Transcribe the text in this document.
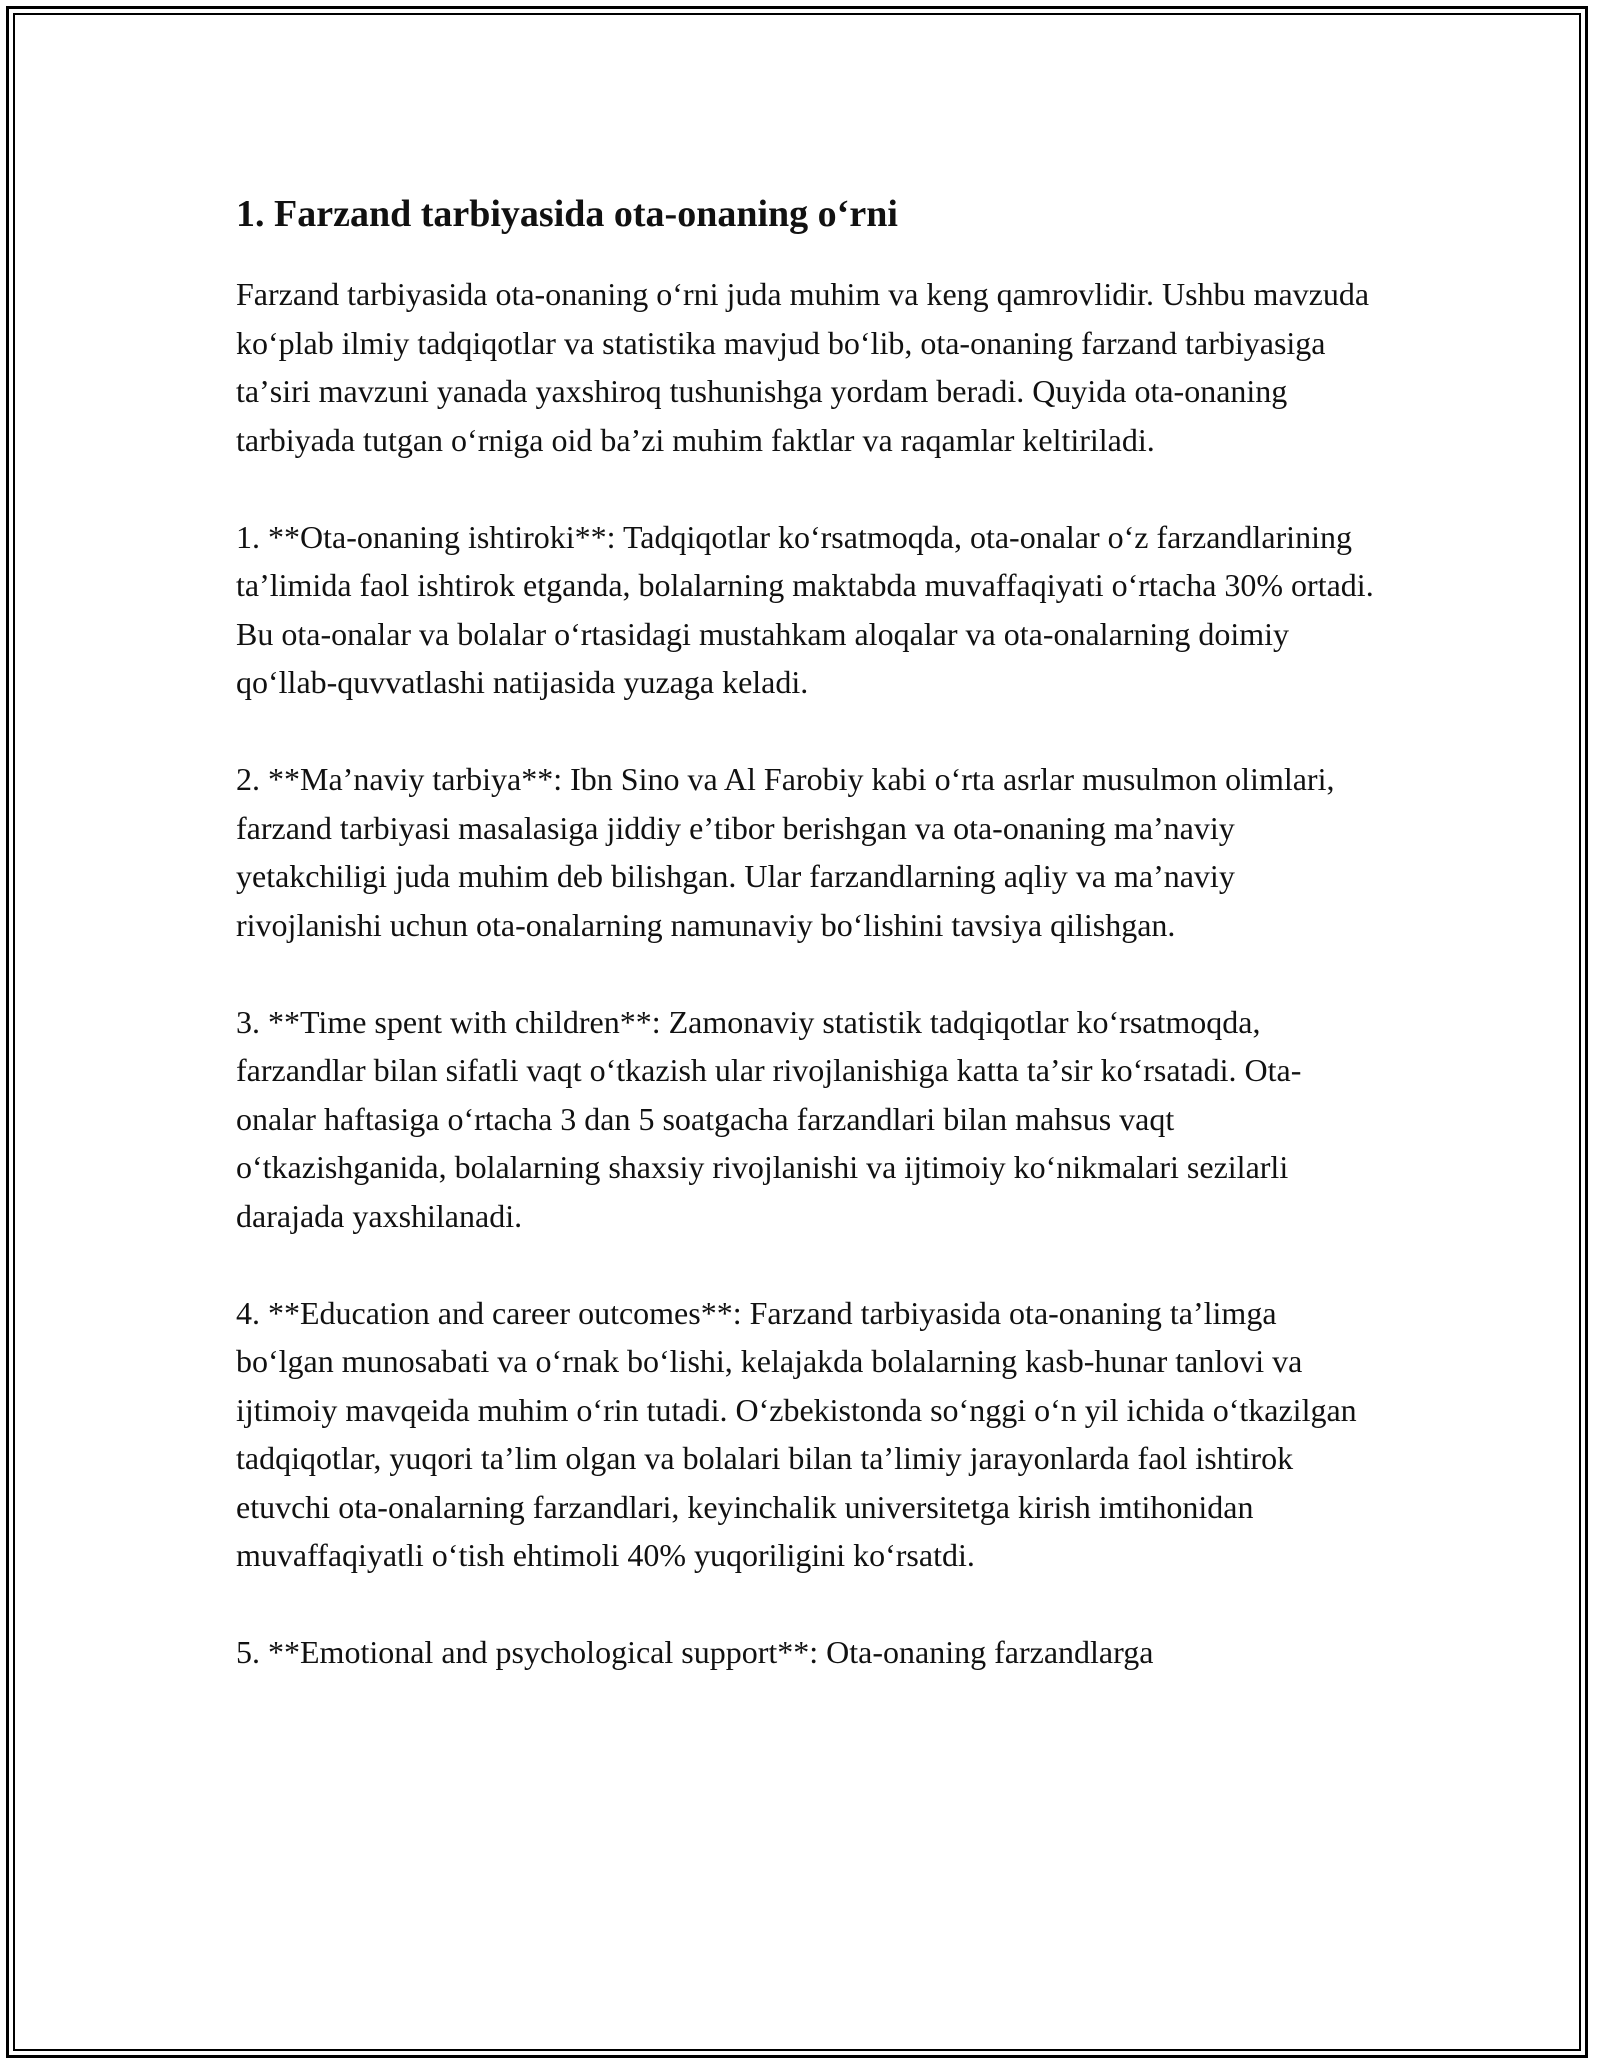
1. Farzand tarbiyasida ota-onaning oʻrni

Farzand tarbiyasida ota-onaning oʻrni juda muhim va keng qamrovlidir. Ushbu mavzuda koʻplab ilmiy tadqiqotlar va statistika mavjud boʻlib, ota-onaning farzand tarbiyasiga taʼsiri mavzuni yanada yaxshiroq tushunishga yordam beradi. Quyida ota-onaning tarbiyada tutgan oʻrniga oid baʼzi muhim faktlar va raqamlar keltiriladi.

1. **Ota-onaning ishtiroki**: Tadqiqotlar koʻrsatmoqda, ota-onalar oʻz farzandlarining taʼlimida faol ishtirok etganda, bolalarning maktabda muvaffaqiyati oʻrtacha 30% ortadi. Bu ota-onalar va bolalar oʻrtasidagi mustahkam aloqalar va ota-onalarning doimiy qoʻllab-quvvatlashi natijasida yuzaga keladi.

2. **Maʼnaviy tarbiya**: Ibn Sino va Al Farobiy kabi oʻrta asrlar musulmon olimlari, farzand tarbiyasi masalasiga jiddiy eʼtibor berishgan va ota-onaning maʼnaviy yetakchiligi juda muhim deb bilishgan. Ular farzandlarning aqliy va maʼnaviy rivojlanishi uchun ota-onalarning namunaviy boʻlishini tavsiya qilishgan.

3. **Time spent with children**: Zamonaviy statistik tadqiqotlar koʻrsatmoqda, farzandlar bilan sifatli vaqt oʻtkazish ular rivojlanishiga katta taʼsir koʻrsatadi. Ota-onalar haftasiga oʻrtacha 3 dan 5 soatgacha farzandlari bilan mahsus vaqt oʻtkazishganida, bolalarning shaxsiy rivojlanishi va ijtimoiy koʻnikmalari sezilarli darajada yaxshilanadi.

4. **Education and career outcomes**: Farzand tarbiyasida ota-onaning taʼlimga boʻlgan munosabati va oʻrnak boʻlishi, kelajakda bolalarning kasb-hunar tanlovi va ijtimoiy mavqeida muhim oʻrin tutadi. Oʻzbekistonda soʻnggi oʻn yil ichida oʻtkazilgan tadqiqotlar, yuqori taʼlim olgan va bolalari bilan taʼlimiy jarayonlarda faol ishtirok etuvchi ota-onalarning farzandlari, keyinchalik universitetga kirish imtihonidan muvaffaqiyatli oʻtish ehtimoli 40% yuqoriligini koʻrsatdi.

5. **Emotional and psychological support**: Ota-onaning farzandlarga
